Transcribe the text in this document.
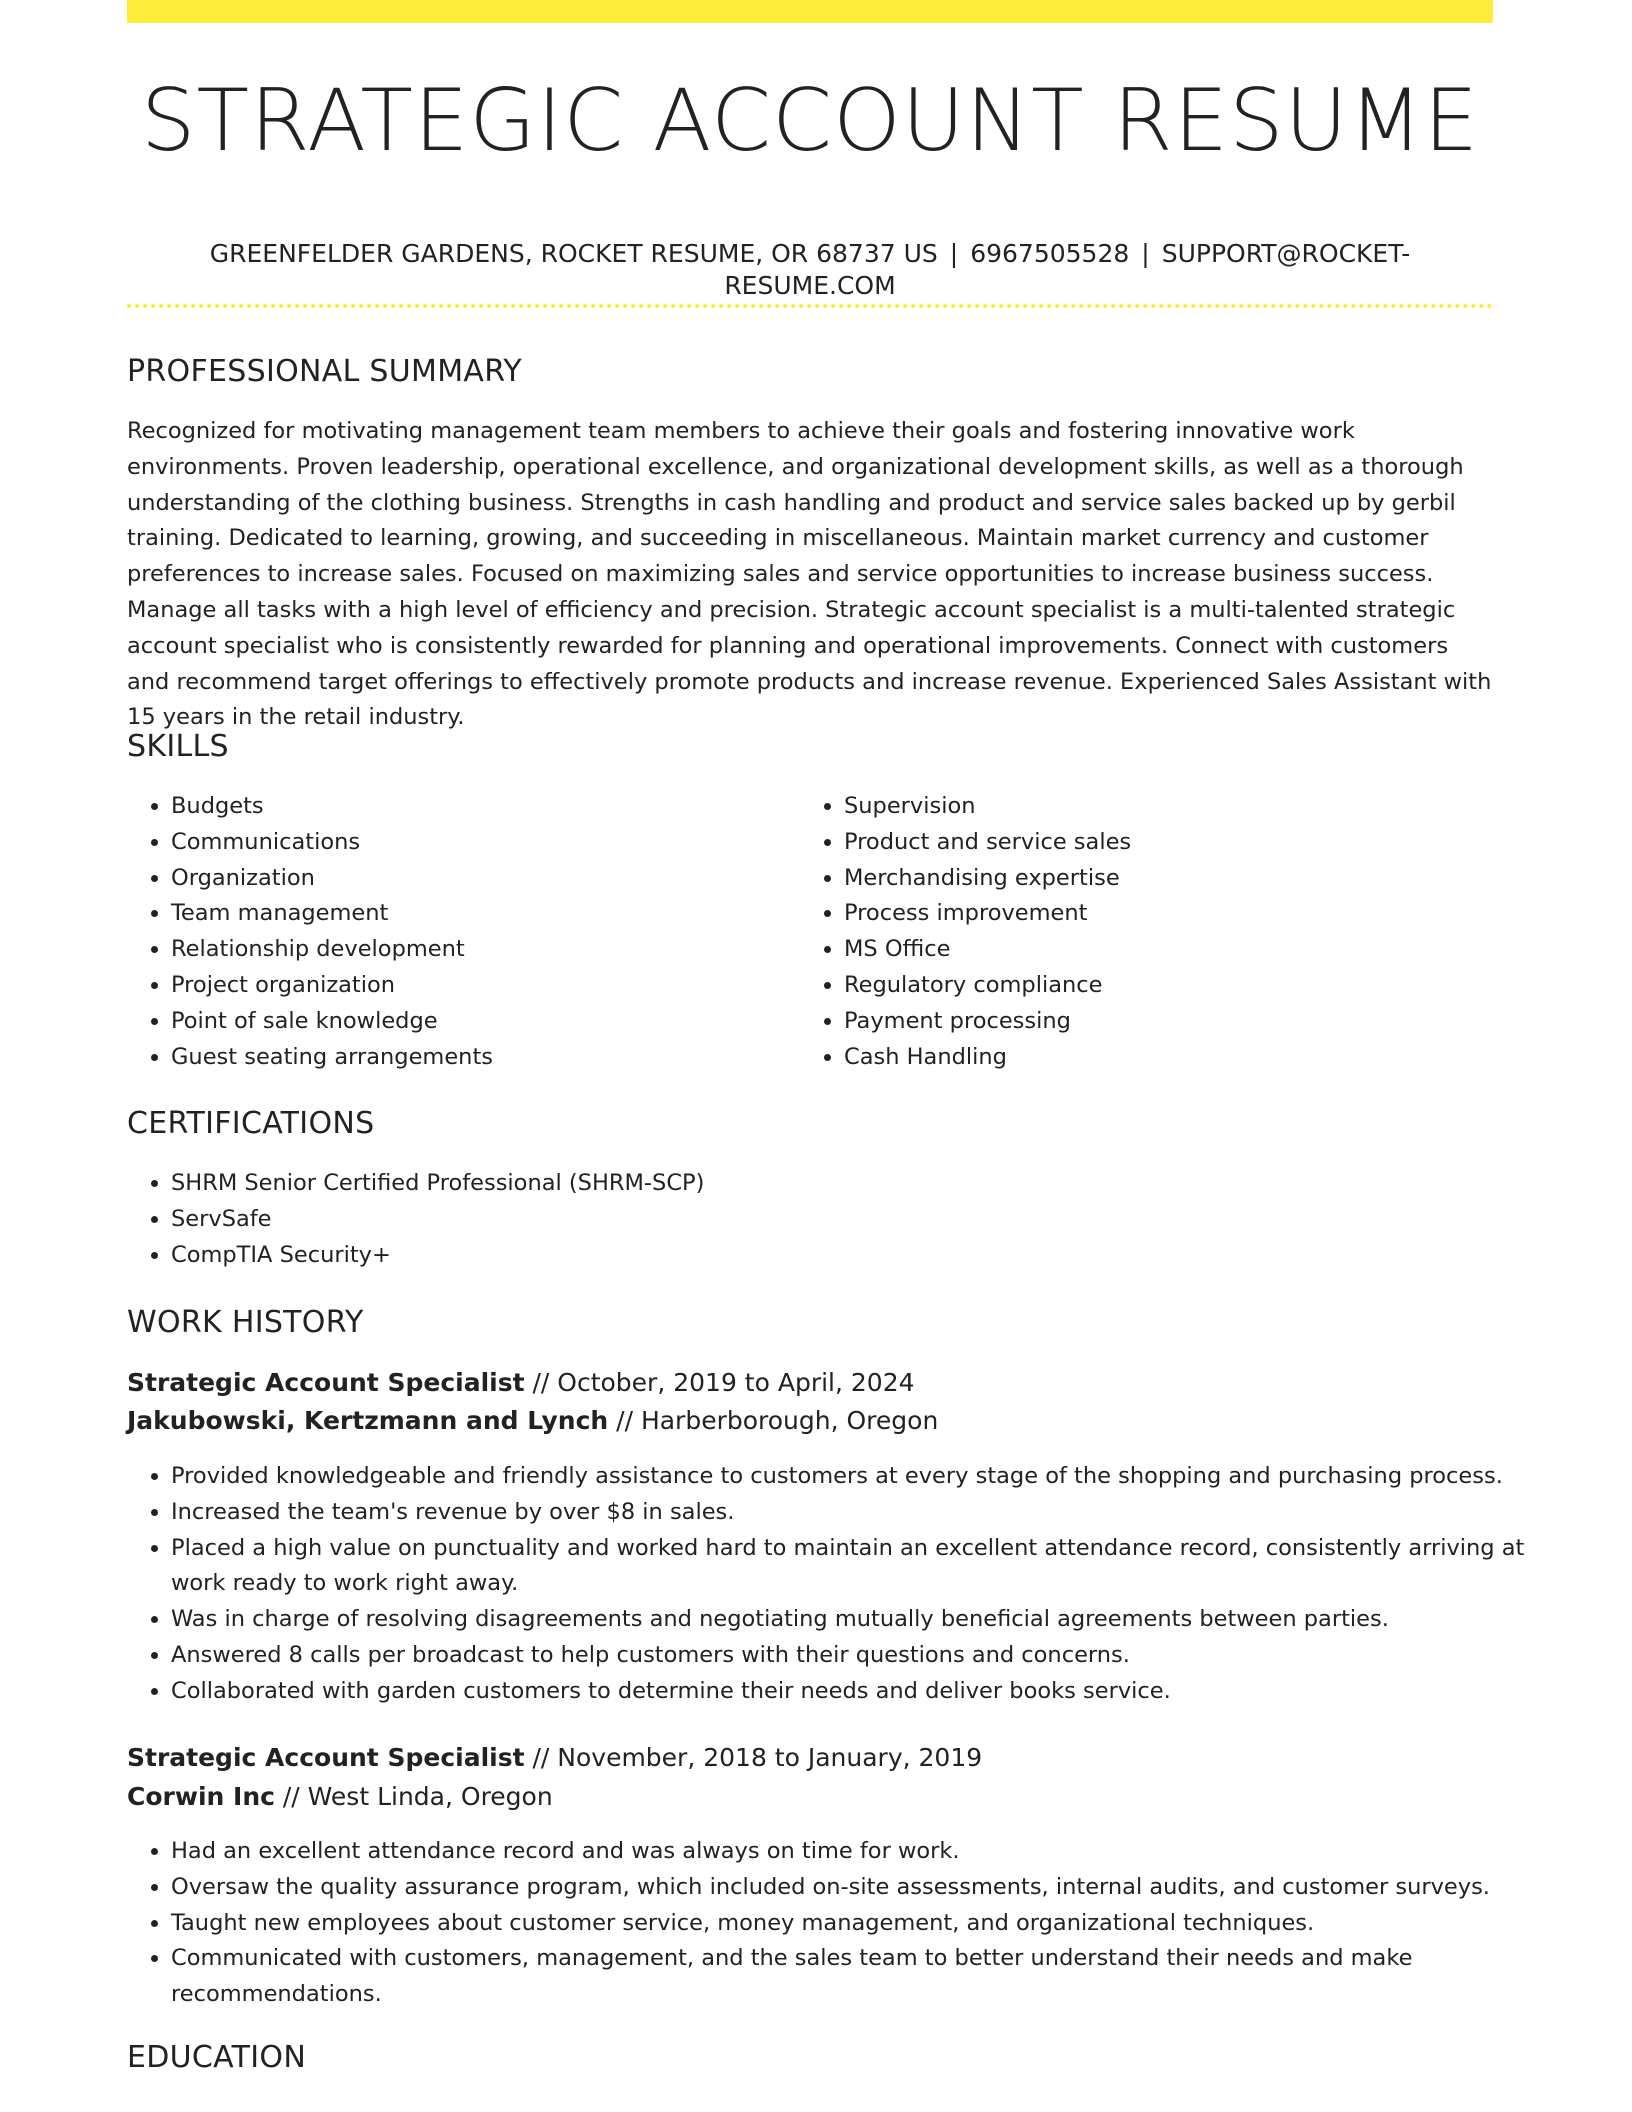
STRATEGIC ACCOUNT RESUME
GREENFELDER GARDENS, ROCKET RESUME, OR 68737 US | 6967505528 | SUPPORT@ROCKET-RESUME.COM
PROFESSIONAL SUMMARY
Recognized for motivating management team members to achieve their goals and fostering innovative work environments. Proven leadership, operational excellence, and organizational development skills, as well as a thorough understanding of the clothing business. Strengths in cash handling and product and service sales backed up by gerbil training. Dedicated to learning, growing, and succeeding in miscellaneous. Maintain market currency and customer preferences to increase sales. Focused on maximizing sales and service opportunities to increase business success. Manage all tasks with a high level of efficiency and precision. Strategic account specialist is a multi-talented strategic account specialist who is consistently rewarded for planning and operational improvements. Connect with customers and recommend target offerings to effectively promote products and increase revenue. Experienced Sales Assistant with 15 years in the retail industry.
SKILLS
• Budgets
• Communications
• Organization
• Team management
• Relationship development
• Project organization
• Point of sale knowledge
• Guest seating arrangements
• Supervision
• Product and service sales
• Merchandising expertise
• Process improvement
• MS Office
• Regulatory compliance
• Payment processing
• Cash Handling
CERTIFICATIONS
• SHRM Senior Certified Professional (SHRM-SCP)
• ServSafe
• CompTIA Security+
WORK HISTORY
Strategic Account Specialist // October, 2019 to April, 2024
Jakubowski, Kertzmann and Lynch // Harberborough, Oregon
• Provided knowledgeable and friendly assistance to customers at every stage of the shopping and purchasing process.
• Increased the team's revenue by over $8 in sales.
• Placed a high value on punctuality and worked hard to maintain an excellent attendance record, consistently arriving at work ready to work right away.
• Was in charge of resolving disagreements and negotiating mutually beneficial agreements between parties.
• Answered 8 calls per broadcast to help customers with their questions and concerns.
• Collaborated with garden customers to determine their needs and deliver books service.
Strategic Account Specialist // November, 2018 to January, 2019
Corwin Inc // West Linda, Oregon
• Had an excellent attendance record and was always on time for work.
• Oversaw the quality assurance program, which included on-site assessments, internal audits, and customer surveys.
• Taught new employees about customer service, money management, and organizational techniques.
• Communicated with customers, management, and the sales team to better understand their needs and make recommendations.
EDUCATION
